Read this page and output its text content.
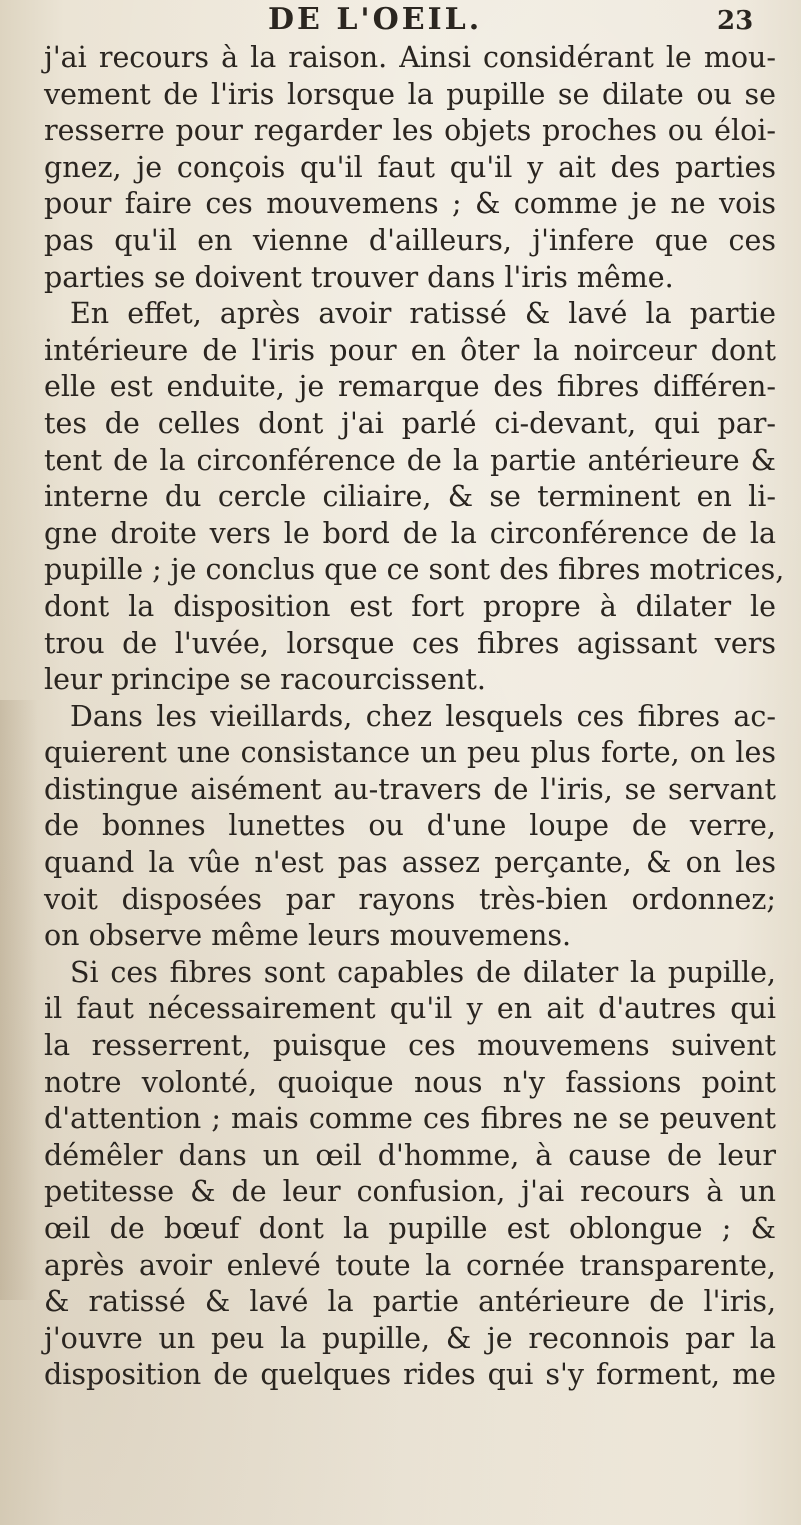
DE L'OEIL.	23
j'ai recours à la raison. Ainsi considérant le mou-
vement de l'iris lorsque la pupille se dilate ou se
resserre pour regarder les objets proches ou éloi-
gnez, je conçois qu'il faut qu'il y ait des parties
pour faire ces mouvemens ; & comme je ne vois
pas qu'il en vienne d'ailleurs, j'infere que ces
parties se doivent trouver dans l'iris même.
En effet, après avoir ratissé & lavé la partie
intérieure de l'iris pour en ôter la noirceur dont
elle est enduite, je remarque des fibres différen-
tes de celles dont j'ai parlé ci-devant, qui par-
tent de la circonférence de la partie antérieure &
interne du cercle ciliaire, & se terminent en li-
gne droite vers le bord de la circonférence de la
pupille ; je conclus que ce sont des fibres motrices,
dont la disposition est fort propre à dilater le
trou de l'uvée, lorsque ces fibres agissant vers
leur principe se racourcissent.
Dans les vieillards, chez lesquels ces fibres ac-
quierent une consistance un peu plus forte, on les
distingue aisément au-travers de l'iris, se servant
de bonnes lunettes ou d'une loupe de verre,
quand la vûe n'est pas assez perçante, & on les
voit disposées par rayons très-bien ordonnez;
on observe même leurs mouvemens.
Si ces fibres sont capables de dilater la pupille,
il faut nécessairement qu'il y en ait d'autres qui
la resserrent, puisque ces mouvemens suivent
notre volonté, quoique nous n'y fassions point
d'attention ; mais comme ces fibres ne se peuvent
démêler dans un œil d'homme, à cause de leur
petitesse & de leur confusion, j'ai recours à un
œil de bœuf dont la pupille est oblongue ; &
après avoir enlevé toute la cornée transparente,
& ratissé & lavé la partie antérieure de l'iris,
j'ouvre un peu la pupille, & je reconnois par la
disposition de quelques rides qui s'y forment, me
